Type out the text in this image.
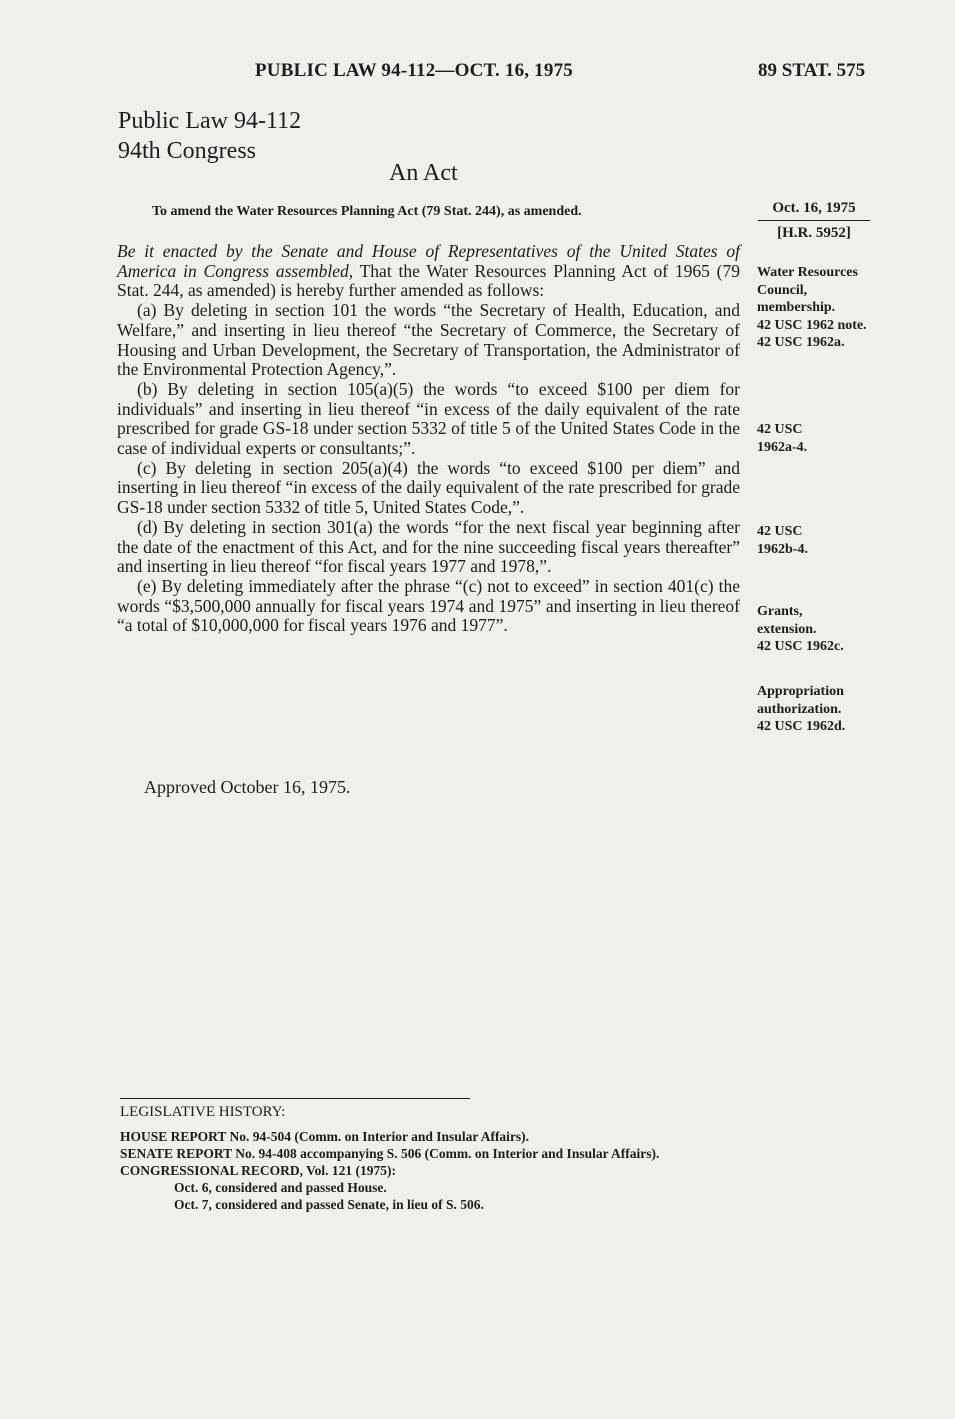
PUBLIC LAW 94-112—OCT. 16, 1975	89 STAT. 575
Public Law 94-112
94th Congress
An Act
To amend the Water Resources Planning Act (79 Stat. 244), as amended.	Oct. 16, 1975
[H.R. 5952]

Be it enacted by the Senate and House of Representatives of the United States of America in Congress assembled, That the Water Resources Planning Act of 1965 (79 Stat. 244, as amended) is hereby further amended as follows:

(a) By deleting in section 101 the words “the Secretary of Health, Education, and Welfare,” and inserting in lieu thereof “the Secretary of Commerce, the Secretary of Housing and Urban Development, the Secretary of Transportation, the Administrator of the Environmental Protection Agency,”.

(b) By deleting in section 105(a)(5) the words “to exceed $100 per diem for individuals” and inserting in lieu thereof “in excess of the daily equivalent of the rate prescribed for grade GS-18 under section 5332 of title 5 of the United States Code in the case of individual experts or consultants;”.

(c) By deleting in section 205(a)(4) the words “to exceed $100 per diem” and inserting in lieu thereof “in excess of the daily equivalent of the rate prescribed for grade GS-18 under section 5332 of title 5, United States Code,”.

(d) By deleting in section 301(a) the words “for the next fiscal year beginning after the date of the enactment of this Act, and for the nine succeeding fiscal years thereafter” and inserting in lieu thereof “for fiscal years 1977 and 1978,”.

(e) By deleting immediately after the phrase “(c) not to exceed” in section 401(c) the words “$3,500,000 annually for fiscal years 1974 and 1975” and inserting in lieu thereof “a total of $10,000,000 for fiscal years 1976 and 1977”.

Water Resources Council, membership.
42 USC 1962 note.
42 USC 1962a.
42 USC 1962a-4.
42 USC 1962b-4.
Grants, extension.
42 USC 1962c.
Appropriation authorization.
42 USC 1962d.
Approved October 16, 1975.
LEGISLATIVE HISTORY:
HOUSE REPORT No. 94-504 (Comm. on Interior and Insular Affairs).
SENATE REPORT No. 94-408 accompanying S. 506 (Comm. on Interior and Insular Affairs).
CONGRESSIONAL RECORD, Vol. 121 (1975):
Oct. 6, considered and passed House.
Oct. 7, considered and passed Senate, in lieu of S. 506.
